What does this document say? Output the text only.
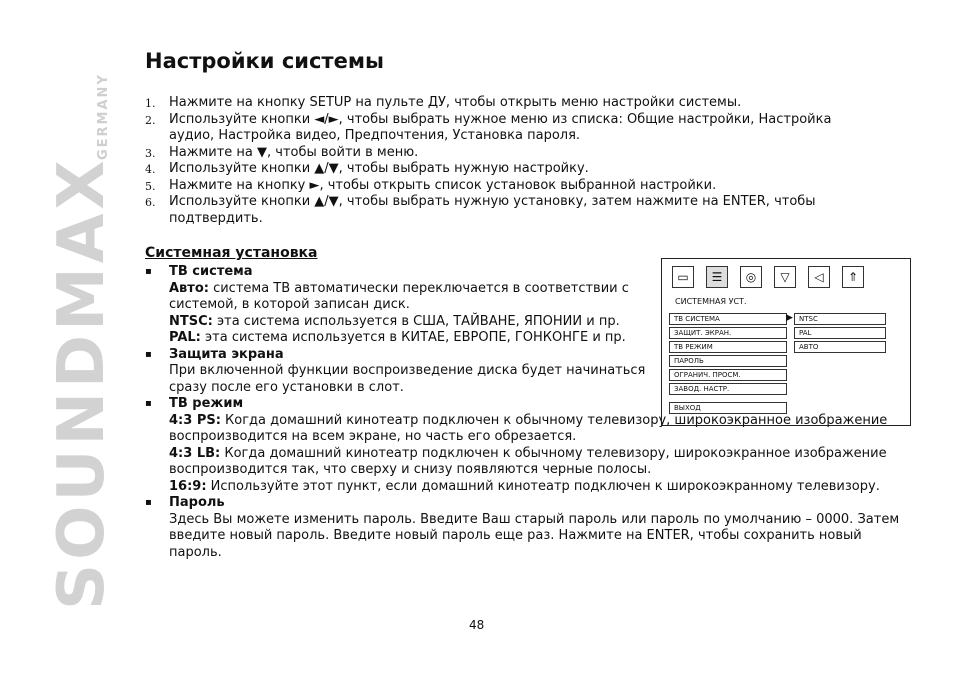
SOUNDMAX
GERMANY
Настройки системы
1. Нажмите на кнопку SETUP на пульте ДУ, чтобы открыть меню настройки системы.
2. Используйте кнопки ◄/►, чтобы выбрать нужное меню из списка: Общие настройки, Настройка аудио, Настройка видео, Предпочтения, Установка пароля.
3. Нажмите на ▼, чтобы войти в меню.
4. Используйте кнопки ▲/▼, чтобы выбрать нужную настройку.
5. Нажмите на кнопку ►, чтобы открыть список установок выбранной настройки.
6. Используйте кнопки ▲/▼, чтобы выбрать нужную установку, затем нажмите на ENTER, чтобы подтвердить.
Системная установка
▪ ТВ система
Авто: система ТВ автоматически переключается в соответствии с системой, в которой записан диск.
NTSC: эта система используется в США, ТАЙВАНЕ, ЯПОНИИ и пр.
PAL: эта система используется в КИТАЕ, ЕВРОПЕ, ГОНКОНГЕ и пр.
▪ Защита экрана
При включенной функции воспроизведение диска будет начинаться сразу после его установки в слот.
▪ ТВ режим
4:3 PS: Когда домашний кинотеатр подключен к обычному телевизору, широкоэкранное изображение воспроизводится на всем экране, но часть его обрезается.
4:3 LB: Когда домашний кинотеатр подключен к обычному телевизору, широкоэкранное изображение воспроизводится так, что сверху и снизу появляются черные полосы.
16:9: Используйте этот пункт, если домашний кинотеатр подключен к широкоэкранному телевизору.
▪ Пароль
Здесь Вы можете изменить пароль. Введите Ваш старый пароль или пароль по умолчанию – 0000. Затем введите новый пароль. Введите новый пароль еще раз. Нажмите на ENTER, чтобы сохранить новый пароль.
▭	☰	◎	▽	◁	⇑
СИСТЕМНАЯ УСТ.
ТВ СИСТЕМА
ЗАЩИТ. ЭКРАН.
ТВ РЕЖИМ
ПАРОЛЬ
ОГРАНИЧ. ПРОСМ.
ЗАВОД. НАСТР.
▶ NTSC
PAL
АВТО
ВЫХОД
48
